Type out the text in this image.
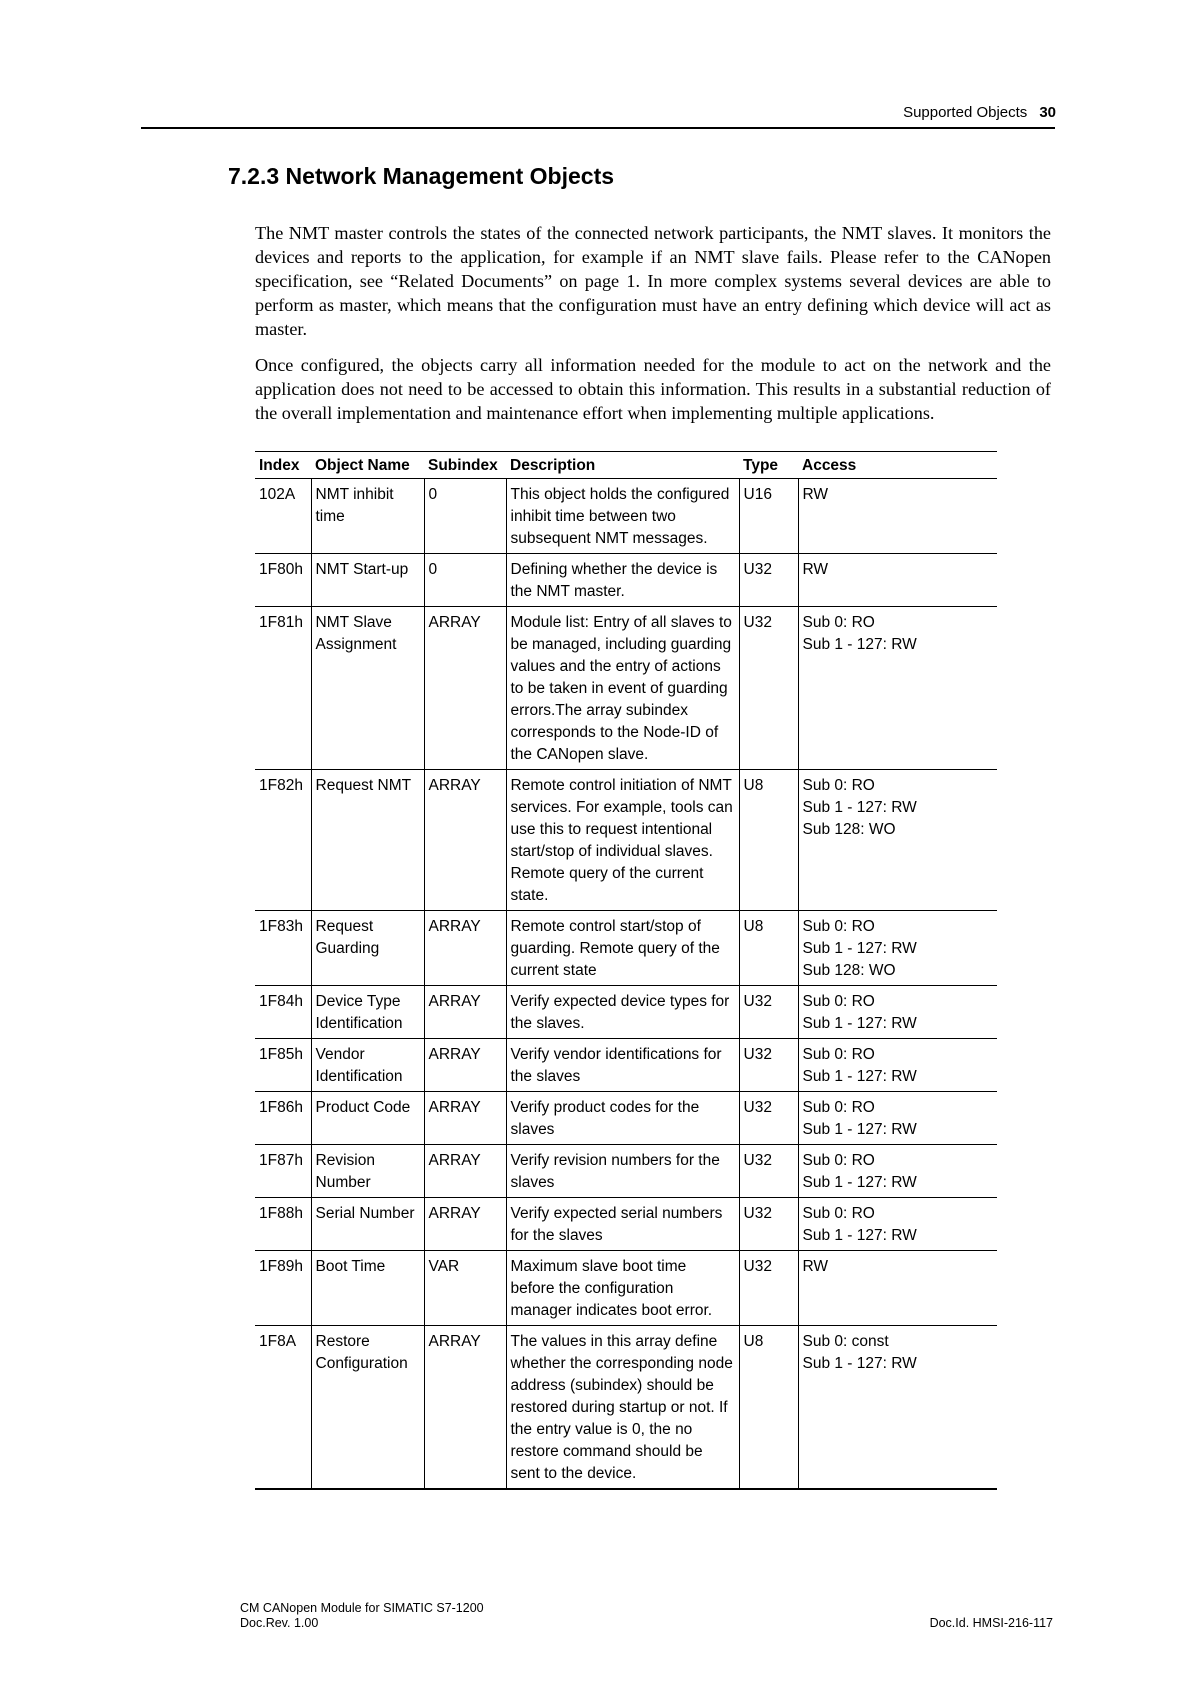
Supported Objects 30
7.2.3 Network Management Objects

The NMT master controls the states of the connected network participants, the NMT slaves. It monitors the devices and reports to the application, for example if an NMT slave fails. Please refer to the CANopen specification, see “Related Documents” on page 1. In more complex systems several devices are able to perform as master, which means that the configuration must have an entry defining which device will act as master.

Once configured, the objects carry all information needed for the module to act on the network and the application does not need to be accessed to obtain this information. This results in a substantial reduction of the overall implementation and maintenance effort when implementing multiple applications.

Index	Object Name	Subindex	Description	Type	Access
102A	NMT inhibit time	0	This object holds the configured inhibit time between two subsequent NMT messages.	U16	RW

1F80h	NMT Start-up	0	Defining whether the device is the NMT master.	U32	RW

1F81h	NMT Slave Assignment	ARRAY	Module list: Entry of all slaves to be managed, including guarding values and the entry of actions to be taken in event of guarding errors.The array subindex corresponds to the Node-ID of the CANopen slave.	U32	Sub 0: RO
Sub 1 - 127: RW

1F82h	Request NMT	ARRAY	Remote control initiation of NMT services. For example, tools can use this to request intentional start/stop of individual slaves. Remote query of the current state.	U8	Sub 0: RO
Sub 1 - 127: RW
Sub 128: WO

1F83h	Request Guarding	ARRAY	Remote control start/stop of guarding. Remote query of the current state	U8	Sub 0: RO
Sub 1 - 127: RW
Sub 128: WO

1F84h	Device Type Identification	ARRAY	Verify expected device types for the slaves.	U32	Sub 0: RO
Sub 1 - 127: RW

1F85h	Vendor Identification	ARRAY	Verify vendor identifications for the slaves	U32	Sub 0: RO
Sub 1 - 127: RW

1F86h	Product Code	ARRAY	Verify product codes for the slaves	U32	Sub 0: RO
Sub 1 - 127: RW

1F87h	Revision Number	ARRAY	Verify revision numbers for the slaves	U32	Sub 0: RO
Sub 1 - 127: RW

1F88h	Serial Number	ARRAY	Verify expected serial numbers for the slaves	U32	Sub 0: RO
Sub 1 - 127: RW

1F89h	Boot Time	VAR	Maximum slave boot time before the configuration manager indicates boot error.	U32	RW

1F8A	Restore Configuration	ARRAY	The values in this array define whether the corresponding node address (subindex) should be restored during startup or not. If the entry value is 0, the no restore command should be sent to the device.	U8	Sub 0: const
Sub 1 - 127: RW
CM CANopen Module for SIMATIC S7-1200
Doc.Rev. 1.00	Doc.Id. HMSI-216-117
